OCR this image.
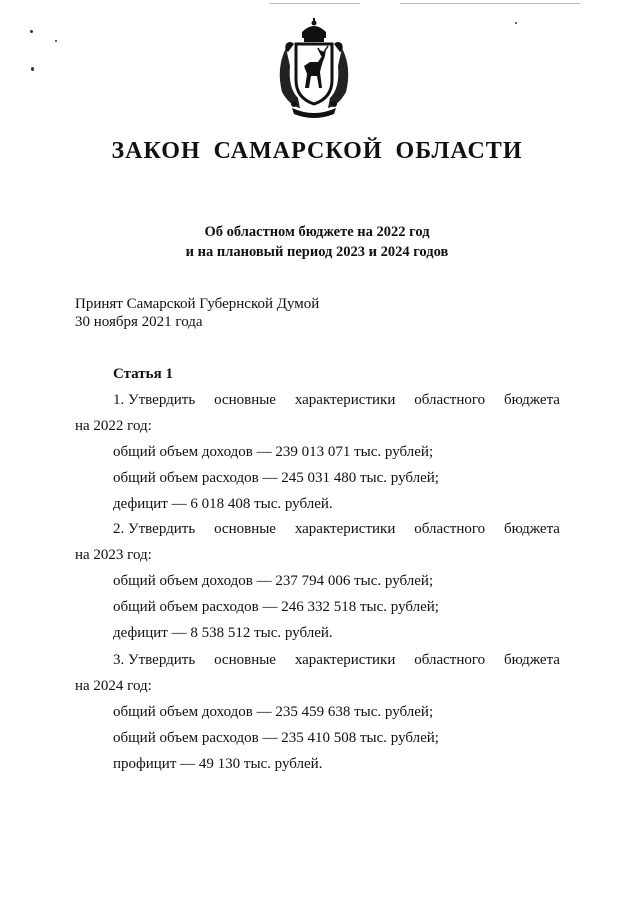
ЗАКОН САМАРСКОЙ ОБЛАСТИ
Об областном бюджете на 2022 год
и на плановый период 2023 и 2024 годов
Принят Самарской Губернской Думой
30 ноября 2021 года
Статья 1
1. Утвердить основные характеристики областного бюджета
на 2022 год:
общий объем доходов — 239 013 071 тыс. рублей;
общий объем расходов — 245 031 480 тыс. рублей;
дефицит — 6 018 408 тыс. рублей.
2. Утвердить основные характеристики областного бюджета
на 2023 год:
общий объем доходов — 237 794 006 тыс. рублей;
общий объем расходов — 246 332 518 тыс. рублей;
дефицит — 8 538 512 тыс. рублей.
3. Утвердить основные характеристики областного бюджета
на 2024 год:
общий объем доходов — 235 459 638 тыс. рублей;
общий объем расходов — 235 410 508 тыс. рублей;
профицит — 49 130 тыс. рублей.
